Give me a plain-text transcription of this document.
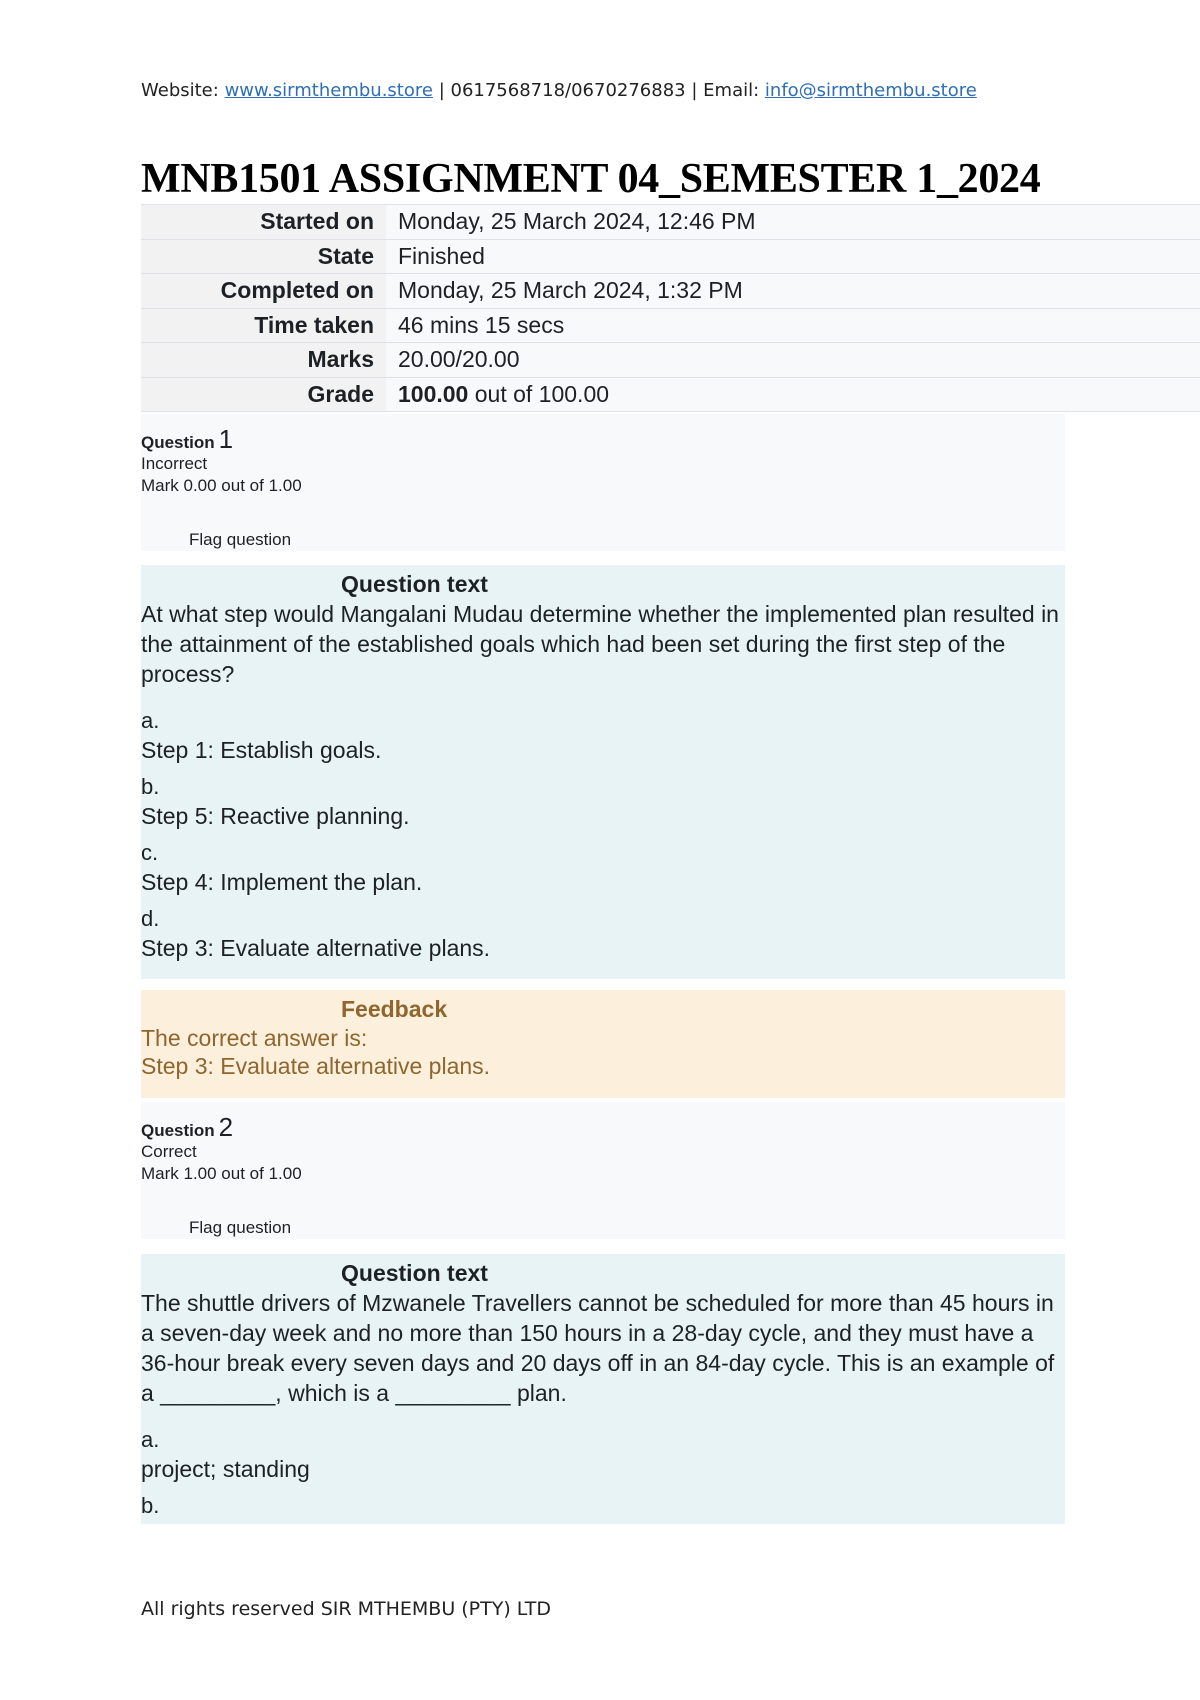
Website: www.sirmthembu.store | 0617568718/0670276883 | Email: info@sirmthembu.store
MNB1501 ASSIGNMENT 04_SEMESTER 1_2024
Started on	Monday, 25 March 2024, 12:46 PM
State	Finished
Completed on	Monday, 25 March 2024, 1:32 PM
Time taken	46 mins 15 secs
Marks	20.00/20.00
Grade	100.00 out of 100.00
Question 1
Incorrect
Mark 0.00 out of 1.00
Flag question
Question text
At what step would Mangalani Mudau determine whether the implemented plan resulted in the attainment of the established goals which had been set during the first step of the process?
a.
Step 1: Establish goals.
b.
Step 5: Reactive planning.
c.
Step 4: Implement the plan.
d.
Step 3: Evaluate alternative plans.
Feedback
The correct answer is:
Step 3: Evaluate alternative plans.
Question 2
Correct
Mark 1.00 out of 1.00
Flag question
Question text
The shuttle drivers of Mzwanele Travellers cannot be scheduled for more than 45 hours in a seven-day week and no more than 150 hours in a 28-day cycle, and they must have a 36-hour break every seven days and 20 days off in an 84-day cycle. This is an example of a _________, which is a _________ plan.
a.
project; standing
b.
All rights reserved SIR MTHEMBU (PTY) LTD
